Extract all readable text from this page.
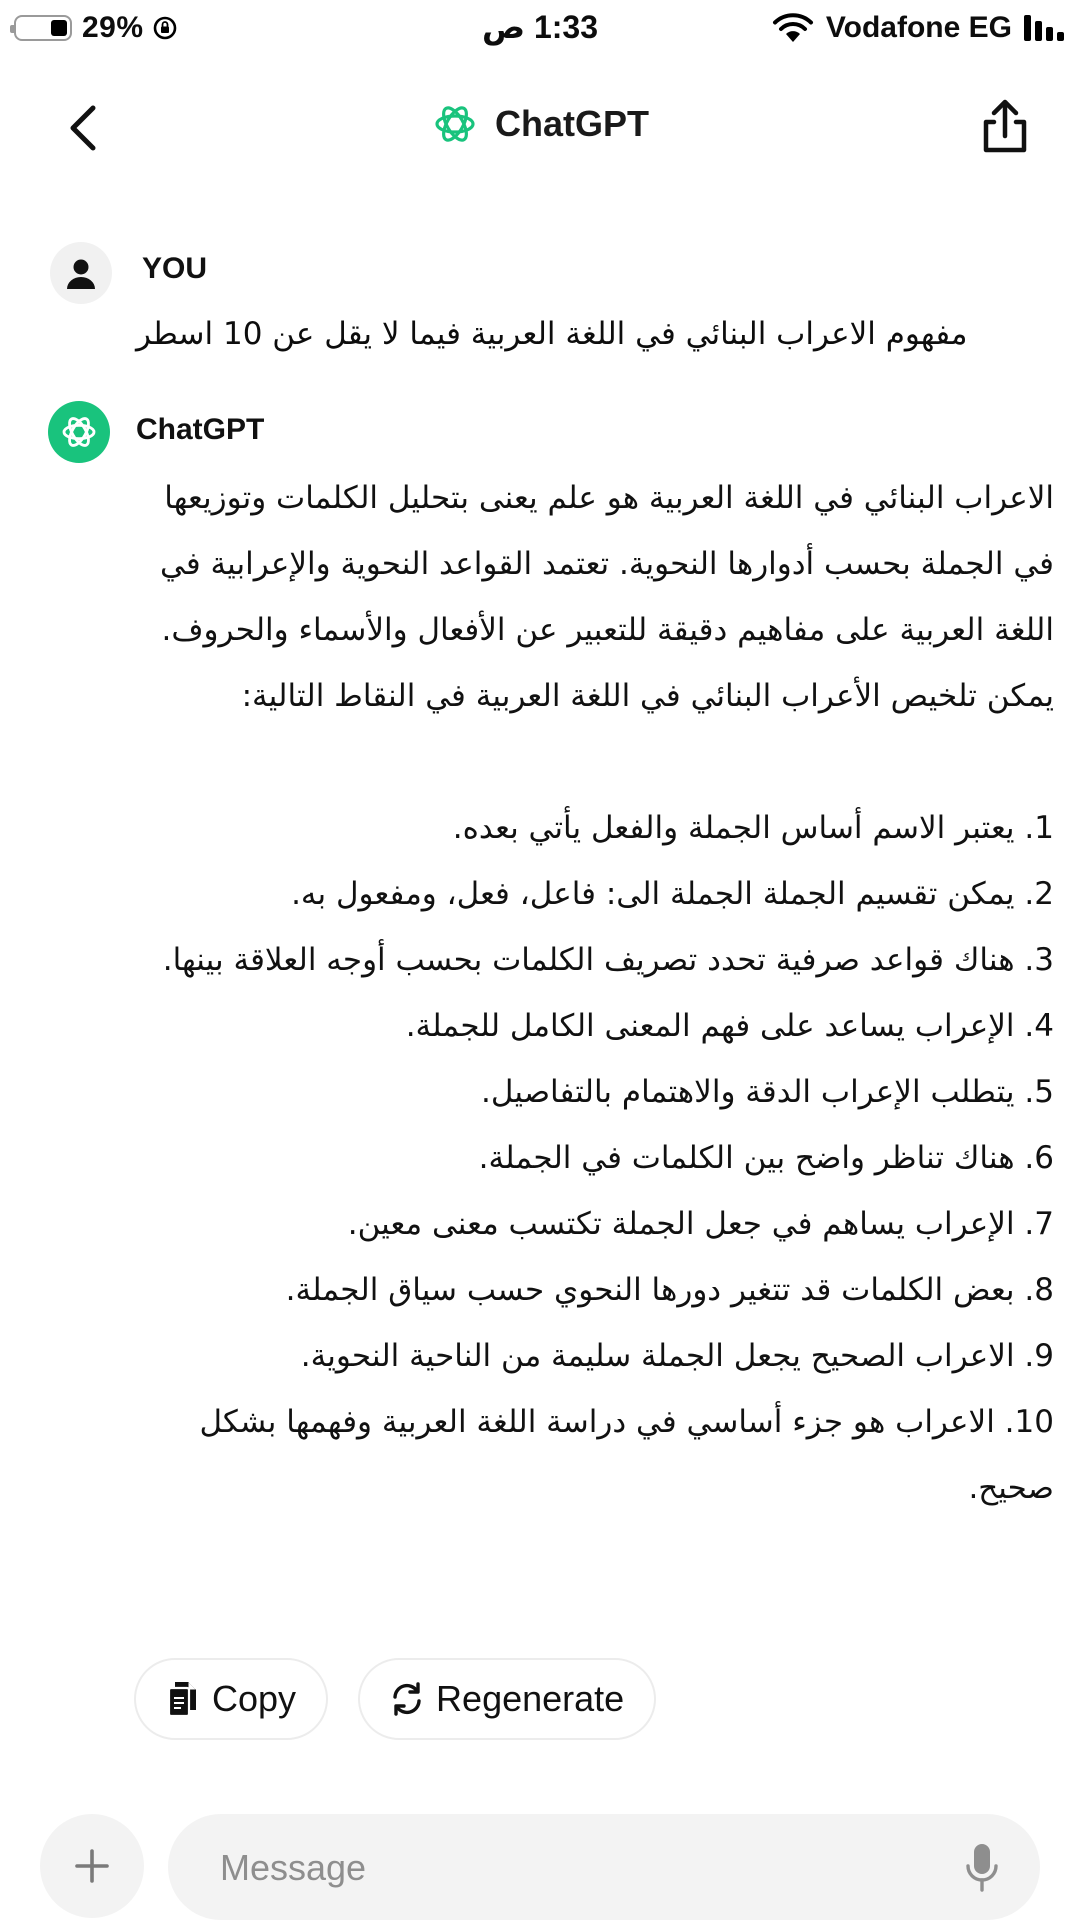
29%	1:33 ص	Vodafone EG
ChatGPT
YOU
مفهوم الاعراب البنائي في اللغة العربية فيما لا يقل عن 10 اسطر
ChatGPT

الاعراب البنائي في اللغة العربية هو علم يعنى بتحليل الكلمات وتوزيعها في الجملة بحسب أدوارها النحوية. تعتمد القواعد النحوية والإعرابية في اللغة العربية على مفاهيم دقيقة للتعبير عن الأفعال والأسماء والحروف. يمكن تلخيص الأعراب البنائي في اللغة العربية في النقاط التالية:

1. يعتبر الاسم أساس الجملة والفعل يأتي بعده.
2. يمكن تقسيم الجملة الجملة الى: فاعل، فعل، ومفعول به.
3. هناك قواعد صرفية تحدد تصريف الكلمات بحسب أوجه العلاقة بينها.
4. الإعراب يساعد على فهم المعنى الكامل للجملة.
5. يتطلب الإعراب الدقة والاهتمام بالتفاصيل.
6. هناك تناظر واضح بين الكلمات في الجملة.
7. الإعراب يساهم في جعل الجملة تكتسب معنى معين.
8. بعض الكلمات قد تتغير دورها النحوي حسب سياق الجملة.
9. الاعراب الصحيح يجعل الجملة سليمة من الناحية النحوية.
10. الاعراب هو جزء أساسي في دراسة اللغة العربية وفهمها بشكل صحيح.
Copy	Regenerate
Message
